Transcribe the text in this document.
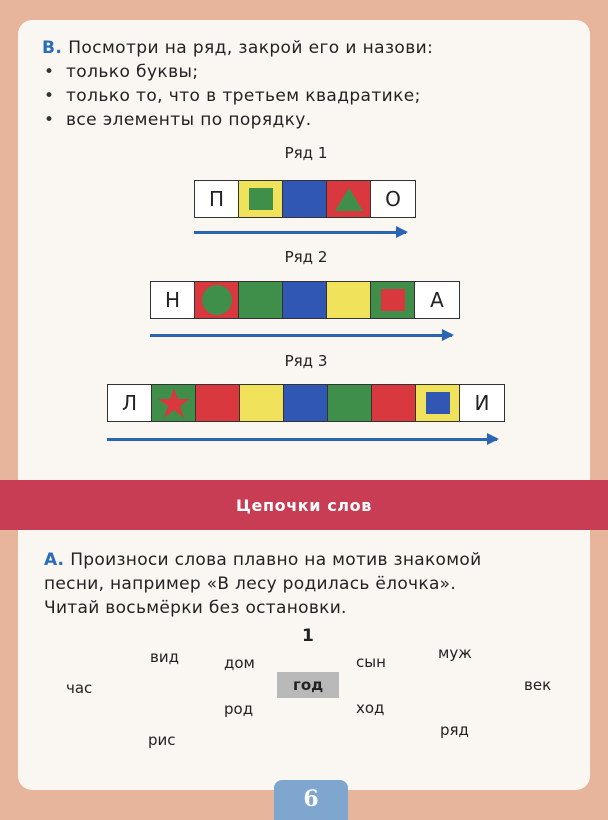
В. Посмотри на ряд, закрой его и назови:
• только буквы;
• только то, что в третьем квадратике;
• все элементы по порядку.
Ряд 1
П	О
Ряд 2
Н	А
Ряд 3
Л	И
Цепочки слов
А. Произноси слова плавно на мотив знакомой
песни, например «В лесу родилась ёлочка».
Читай восьмёрки без остановки.
1
вид	дом	сын	муж
час	год	век
род	ход
рис
ряд
6
